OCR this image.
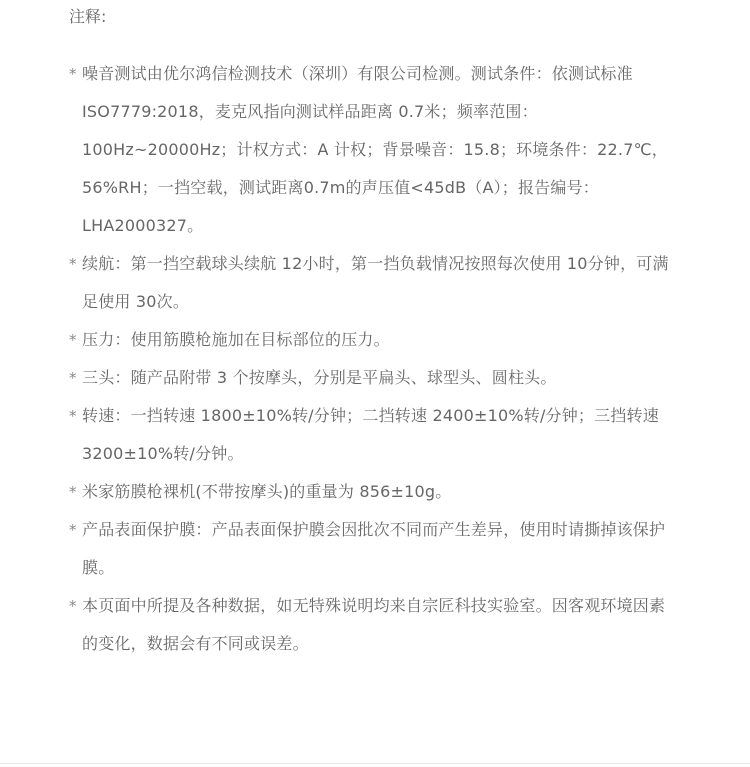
注释:
* 噪音测试由优尔鸿信检测技术（深圳）有限公司检测。测试条件：依测试标准ISO7779:2018，麦克风指向测试样品距离 0.7米；频率范围：100Hz~20000Hz；计权方式：A 计权；背景噪音：15.8；环境条件：22.7℃，56%RH；一挡空载，测试距离0.7m的声压值<45dB（A）；报告编号：LHA2000327。
* 续航：第一挡空载球头续航 12小时，第一挡负载情况按照每次使用 10分钟，可满足使用 30次。
* 压力：使用筋膜枪施加在目标部位的压力。
* 三头：随产品附带 3 个按摩头，分别是平扁头、球型头、圆柱头。
* 转速：一挡转速 1800±10%转/分钟；二挡转速 2400±10%转/分钟；三挡转速 3200±10%转/分钟。
* 米家筋膜枪裸机(不带按摩头)的重量为 856±10g。
* 产品表面保护膜：产品表面保护膜会因批次不同而产生差异，使用时请撕掉该保护膜。
* 本页面中所提及各种数据，如无特殊说明均来自宗匠科技实验室。因客观环境因素的变化，数据会有不同或误差。
